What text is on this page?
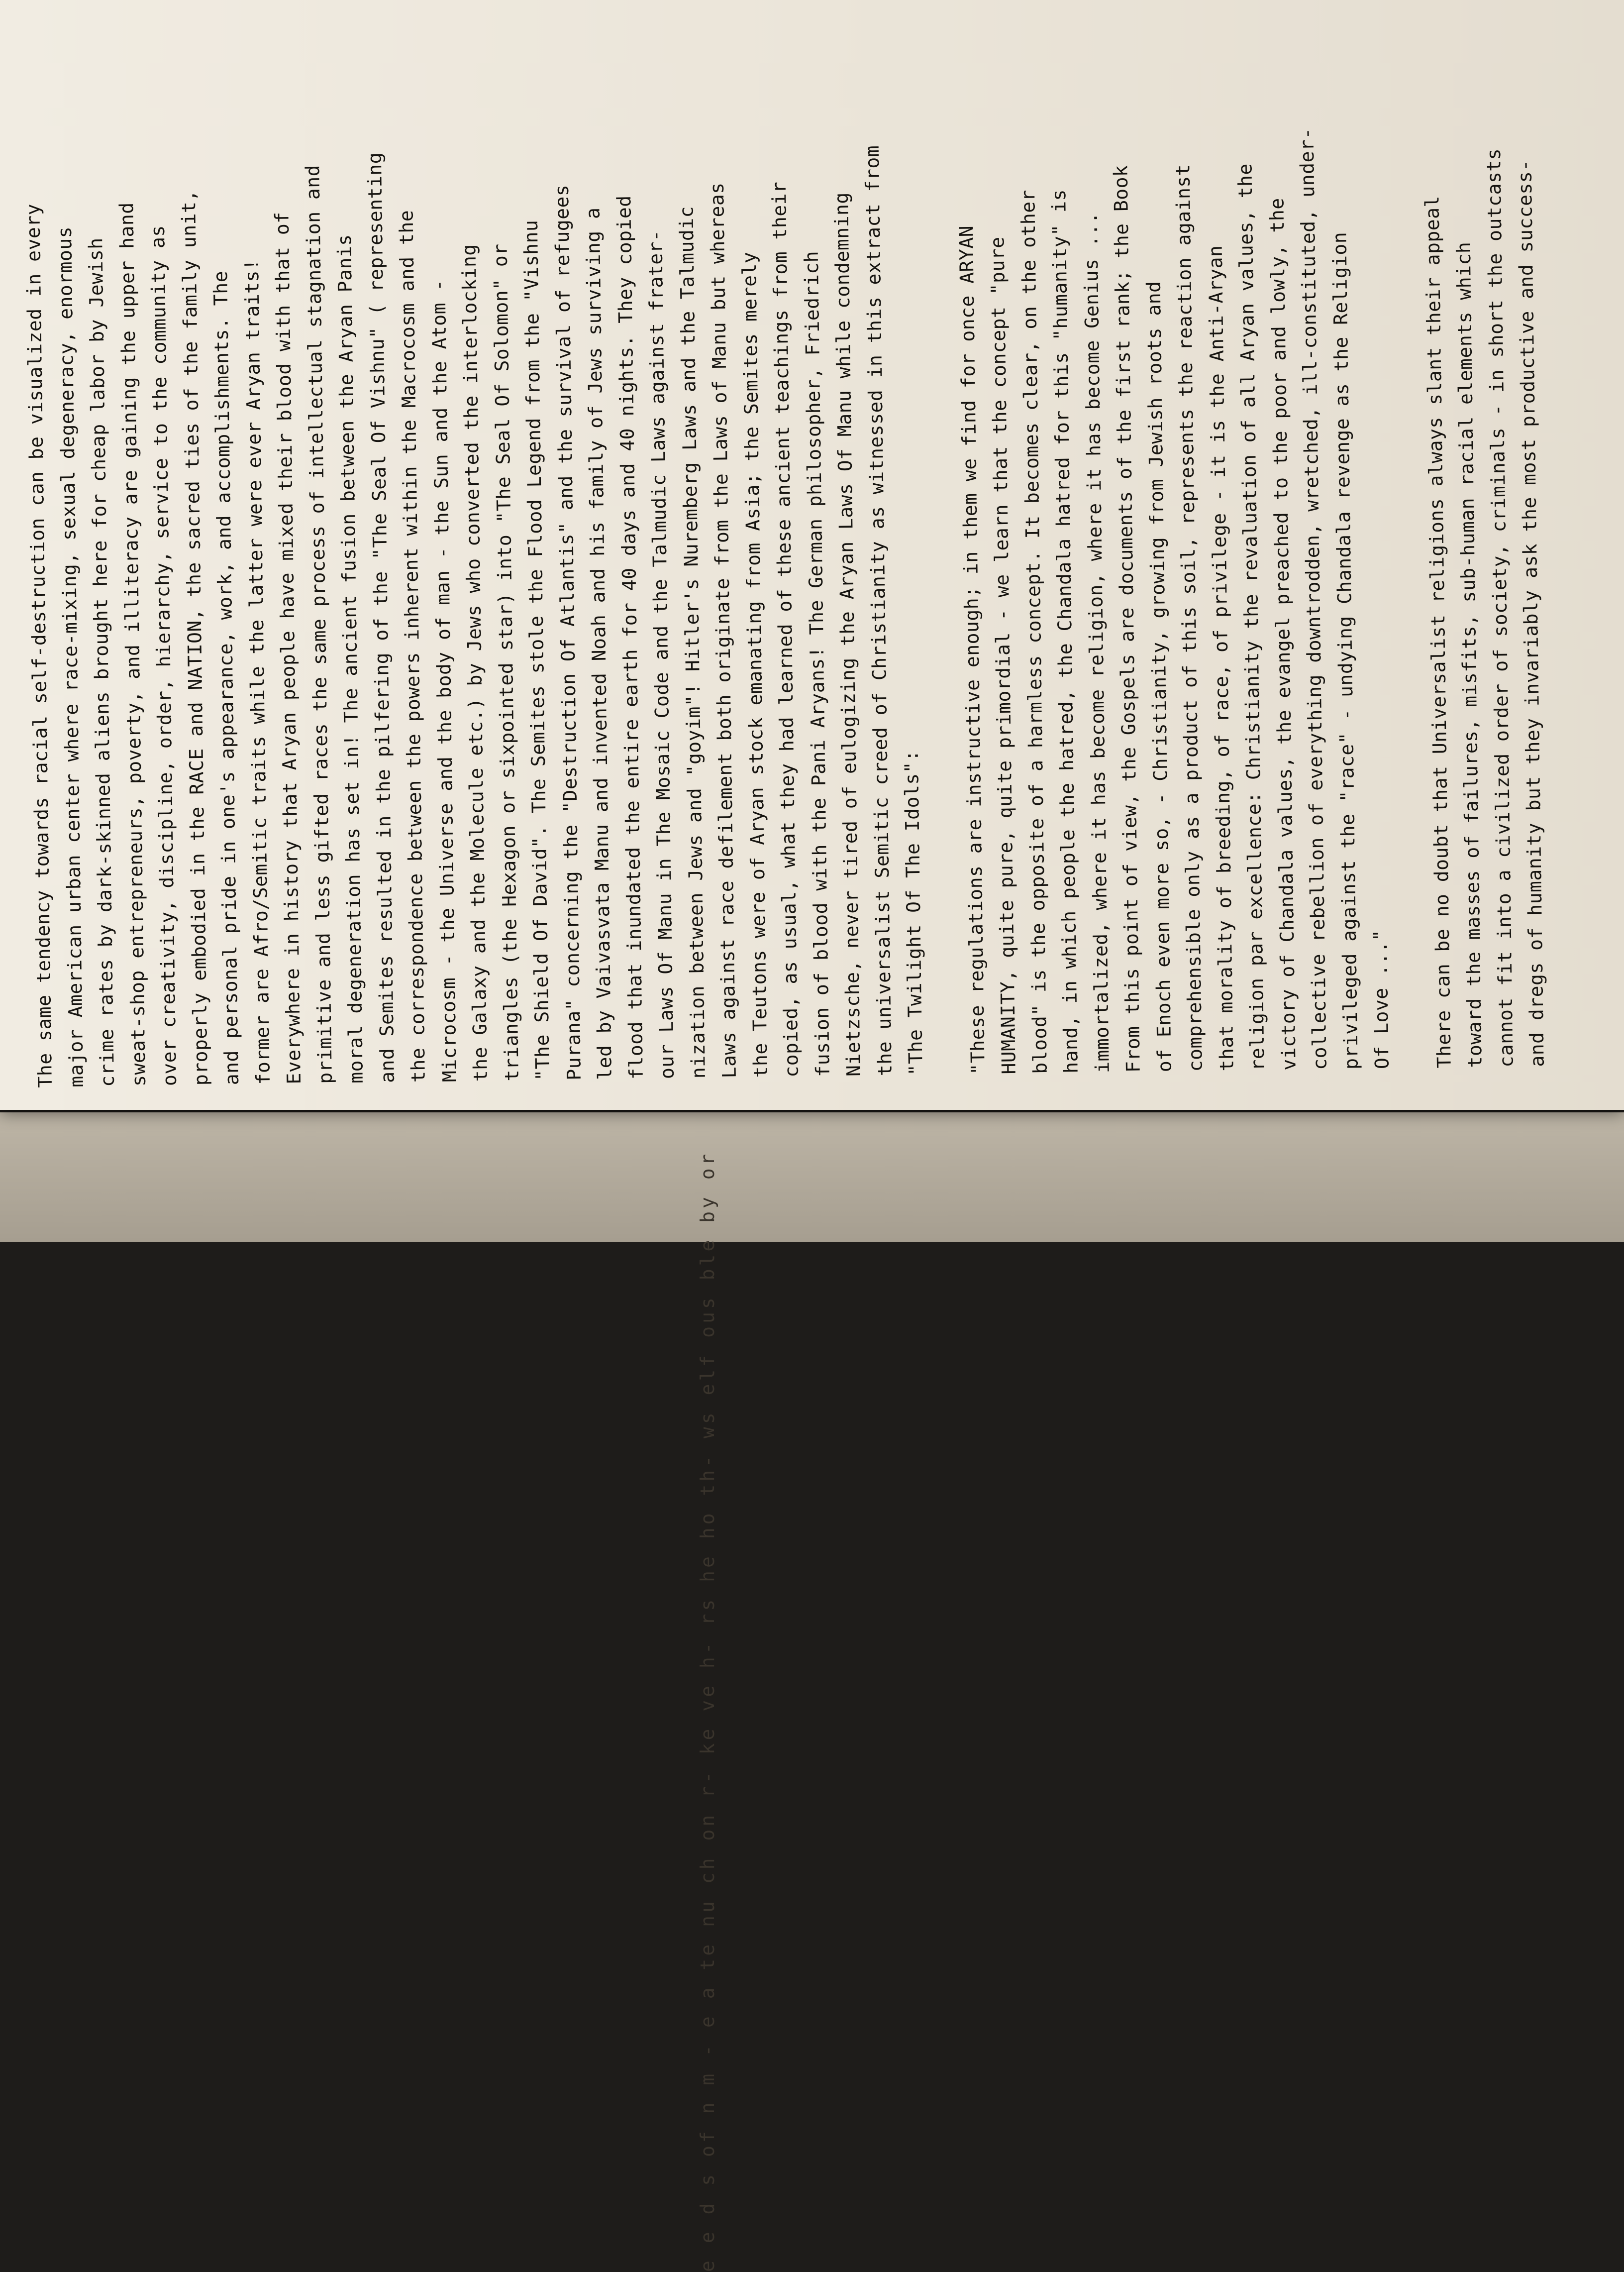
e e d s of n m - e a te nu ch on r- ke ve h- rs he ho th- ws elf ous ble by or

The same tendency towards racial self-destruction can be visualized in every
major American urban center where race-mixing, sexual degeneracy, enormous
crime rates by dark-skinned aliens brought here for cheap labor by Jewish
sweat-shop entrepreneurs, poverty, and illiteracy are gaining the upper hand
over creativity, discipline, order, hierarchy, service to the community as
properly embodied in the RACE and NATION, the sacred ties of the family unit,
and personal pride in one's appearance, work, and accomplishments. The
former are Afro/Semitic traits while the latter were ever Aryan traits!
Everywhere in history that Aryan people have mixed their blood with that of
primitive and less gifted races the same process of intellectual stagnation and
moral degeneration has set in! The ancient fusion between the Aryan Panis
and Semites resulted in the pilfering of the "The Seal Of Vishnu" ( representing
the correspondence between the powers inherent within the Macrocosm and the
Microcosm - the Universe and the body of man - the Sun and the Atom -
the Galaxy and the Molecule etc.) by Jews who converted the interlocking
triangles (the Hexagon or sixpointed star) into "The Seal Of Solomon" or
"The Shield Of David". The Semites stole the Flood Legend from the "Vishnu
Purana" concerning the "Destruction Of Atlantis" and the survival of refugees
led by Vaivasvata Manu and invented Noah and his family of Jews surviving a
flood that inundated the entire earth for 40 days and 40 nights. They copied
our Laws Of Manu in The Mosaic Code and the Talmudic Laws against frater-
nization between Jews and "goyim"! Hitler's Nuremberg Laws and the Talmudic
Laws against race defilement both originate from the Laws of Manu but whereas
the Teutons were of Aryan stock emanating from Asia; the Semites merely
copied, as usual, what they had learned of these ancient teachings from their
fusion of blood with the Pani Aryans! The German philosopher, Friedrich
Nietzsche, never tired of eulogizing the Aryan Laws Of Manu while condemning
the universalist Semitic creed of Christianity as witnessed in this extract from
"The Twilight Of The Idols":	"These regulations are instructive enough; in them we find for once ARYAN
HUMANITY, quite pure, quite primordial - we learn that the concept "pure
blood" is the opposite of a harmless concept. It becomes clear, on the other
hand, in which people the hatred, the Chandala hatred for this "humanity" is
immortalized, where it has become religion, where it has become Genius ...
From this point of view, the Gospels are documents of the first rank; the Book
of Enoch even more so, - Christianity, growing from Jewish roots and
comprehensible only as a product of this soil, represents the reaction against
that morality of breeding, of race, of privilege - it is the Anti-Aryan
religion par excellence: Christianity the revaluation of all Aryan values, the
victory of Chandala values, the evangel preached to the poor and lowly, the
collective rebellion of everything downtrodden, wretched, ill-constituted, under-
privileged against the "race" - undying Chandala revenge as the Religion
Of Love ..."	There can be no doubt that Universalist religions always slant their appeal
toward the masses of failures, misfits, sub-human racial elements which
cannot fit into a civilized order of society, criminals - in short the outcasts
and dregs of humanity but they invariably ask the most productive and success-
